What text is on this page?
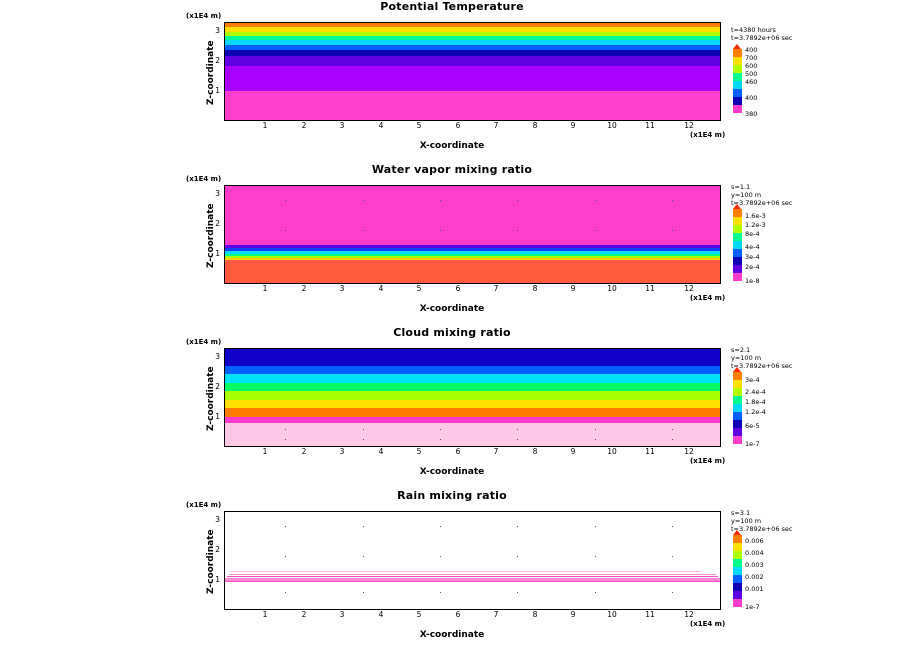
Potential Temperature
(x1E4 m)
Z-coordinate 1
2
3
1	2	3	4	5	6	7	8	9	10	11	12
(x1E4 m)
X-coordinate
t=4380 hours
t=3.7892e+06 sec
400
700
600
500
460
400
380
Water vapor mixing ratio
(x1E4 m)
Z-coordinate 1
2
3
1	2	3	4	5	6	7	8	9	10	11	12
(x1E4 m)
X-coordinate
s=1.1
y=100 m
t=3.7892e+06 sec
1.6e-3
1.2e-3
8e-4
4e-4
3e-4
2e-4
1e-8
Cloud mixing ratio
(x1E4 m)
Z-coordinate 1
2
3
1	2	3	4	5	6	7	8	9	10	11	12
(x1E4 m)
X-coordinate
s=2.1
y=100 m
t=3.7892e+06 sec
3e-4
2.4e-4
1.8e-4
1.2e-4
6e-5
1e-7
Rain mixing ratio
(x1E4 m)
Z-coordinate 1
2
3
1	2	3	4	5	6	7	8	9	10	11	12
(x1E4 m)
X-coordinate
s=3.1
y=100 m
t=3.7892e+06 sec
0.006
0.004
0.003
0.002
0.001
1e-7
